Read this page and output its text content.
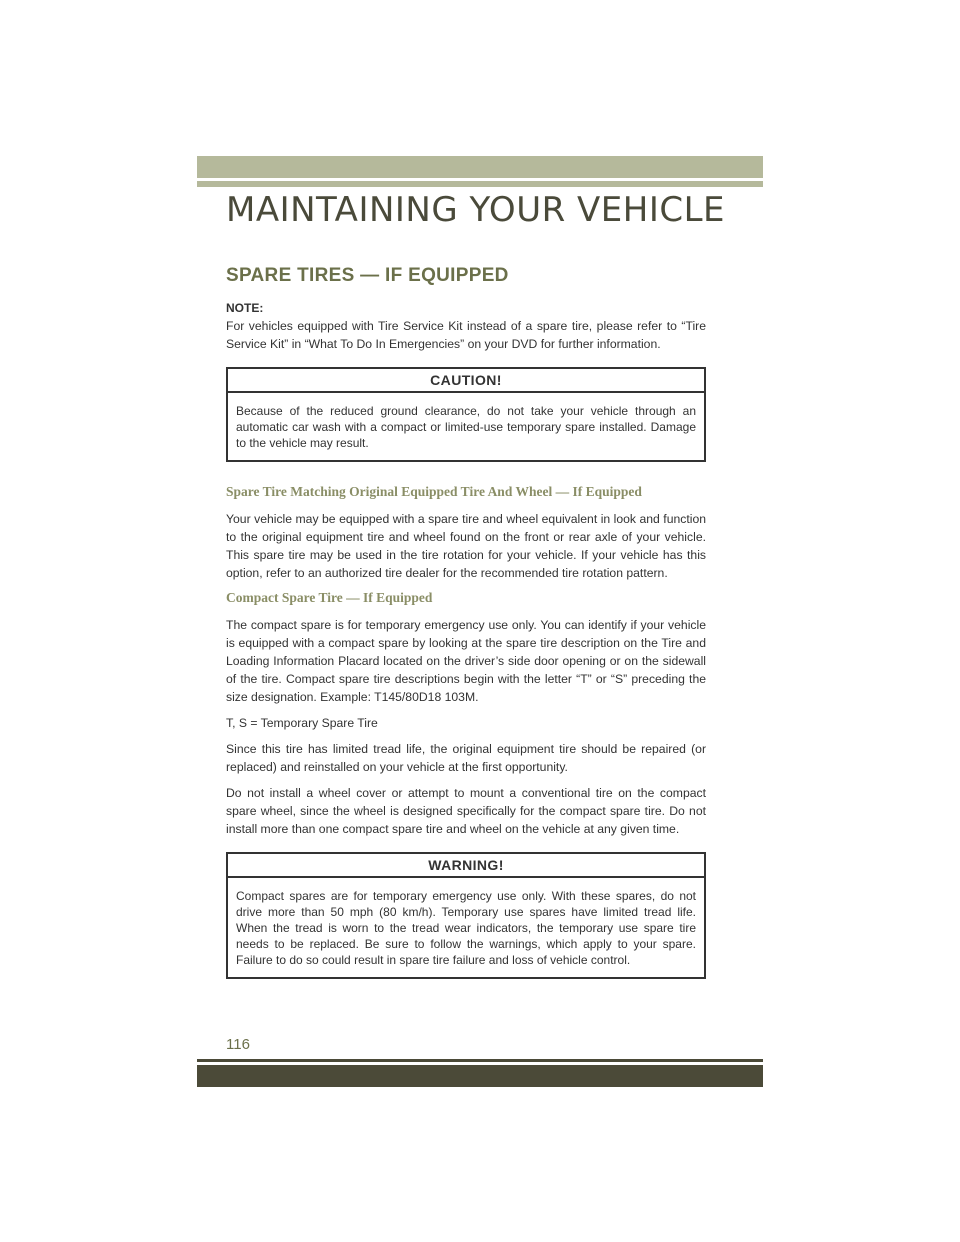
MAINTAINING YOUR VEHICLE
SPARE TIRES — IF EQUIPPED
NOTE:

For vehicles equipped with Tire Service Kit instead of a spare tire, please refer to “Tire Service Kit” in “What To Do In Emergencies” on your DVD for further information.

CAUTION!
Because of the reduced ground clearance, do not take your vehicle through an automatic car wash with a compact or limited-use temporary spare installed. Damage to the vehicle may result.
Spare Tire Matching Original Equipped Tire And Wheel — If Equipped

Your vehicle may be equipped with a spare tire and wheel equivalent in look and function to the original equipment tire and wheel found on the front or rear axle of your vehicle. This spare tire may be used in the tire rotation for your vehicle. If your vehicle has this option, refer to an authorized tire dealer for the recommended tire rotation pattern.

Compact Spare Tire — If Equipped

The compact spare is for temporary emergency use only. You can identify if your vehicle is equipped with a compact spare by looking at the spare tire description on the Tire and Loading Information Placard located on the driver’s side door opening or on the sidewall of the tire. Compact spare tire descriptions begin with the letter “T” or “S” preceding the size designation. Example: T145/80D18 103M.

T, S = Temporary Spare Tire

Since this tire has limited tread life, the original equipment tire should be repaired (or replaced) and reinstalled on your vehicle at the first opportunity.

Do not install a wheel cover or attempt to mount a conventional tire on the compact spare wheel, since the wheel is designed specifically for the compact spare tire. Do not install more than one compact spare tire and wheel on the vehicle at any given time.

WARNING!
Compact spares are for temporary emergency use only. With these spares, do not drive more than 50 mph (80 km/h). Temporary use spares have limited tread life. When the tread is worn to the tread wear indicators, the temporary use spare tire needs to be replaced. Be sure to follow the warnings, which apply to your spare. Failure to do so could result in spare tire failure and loss of vehicle control.
116
